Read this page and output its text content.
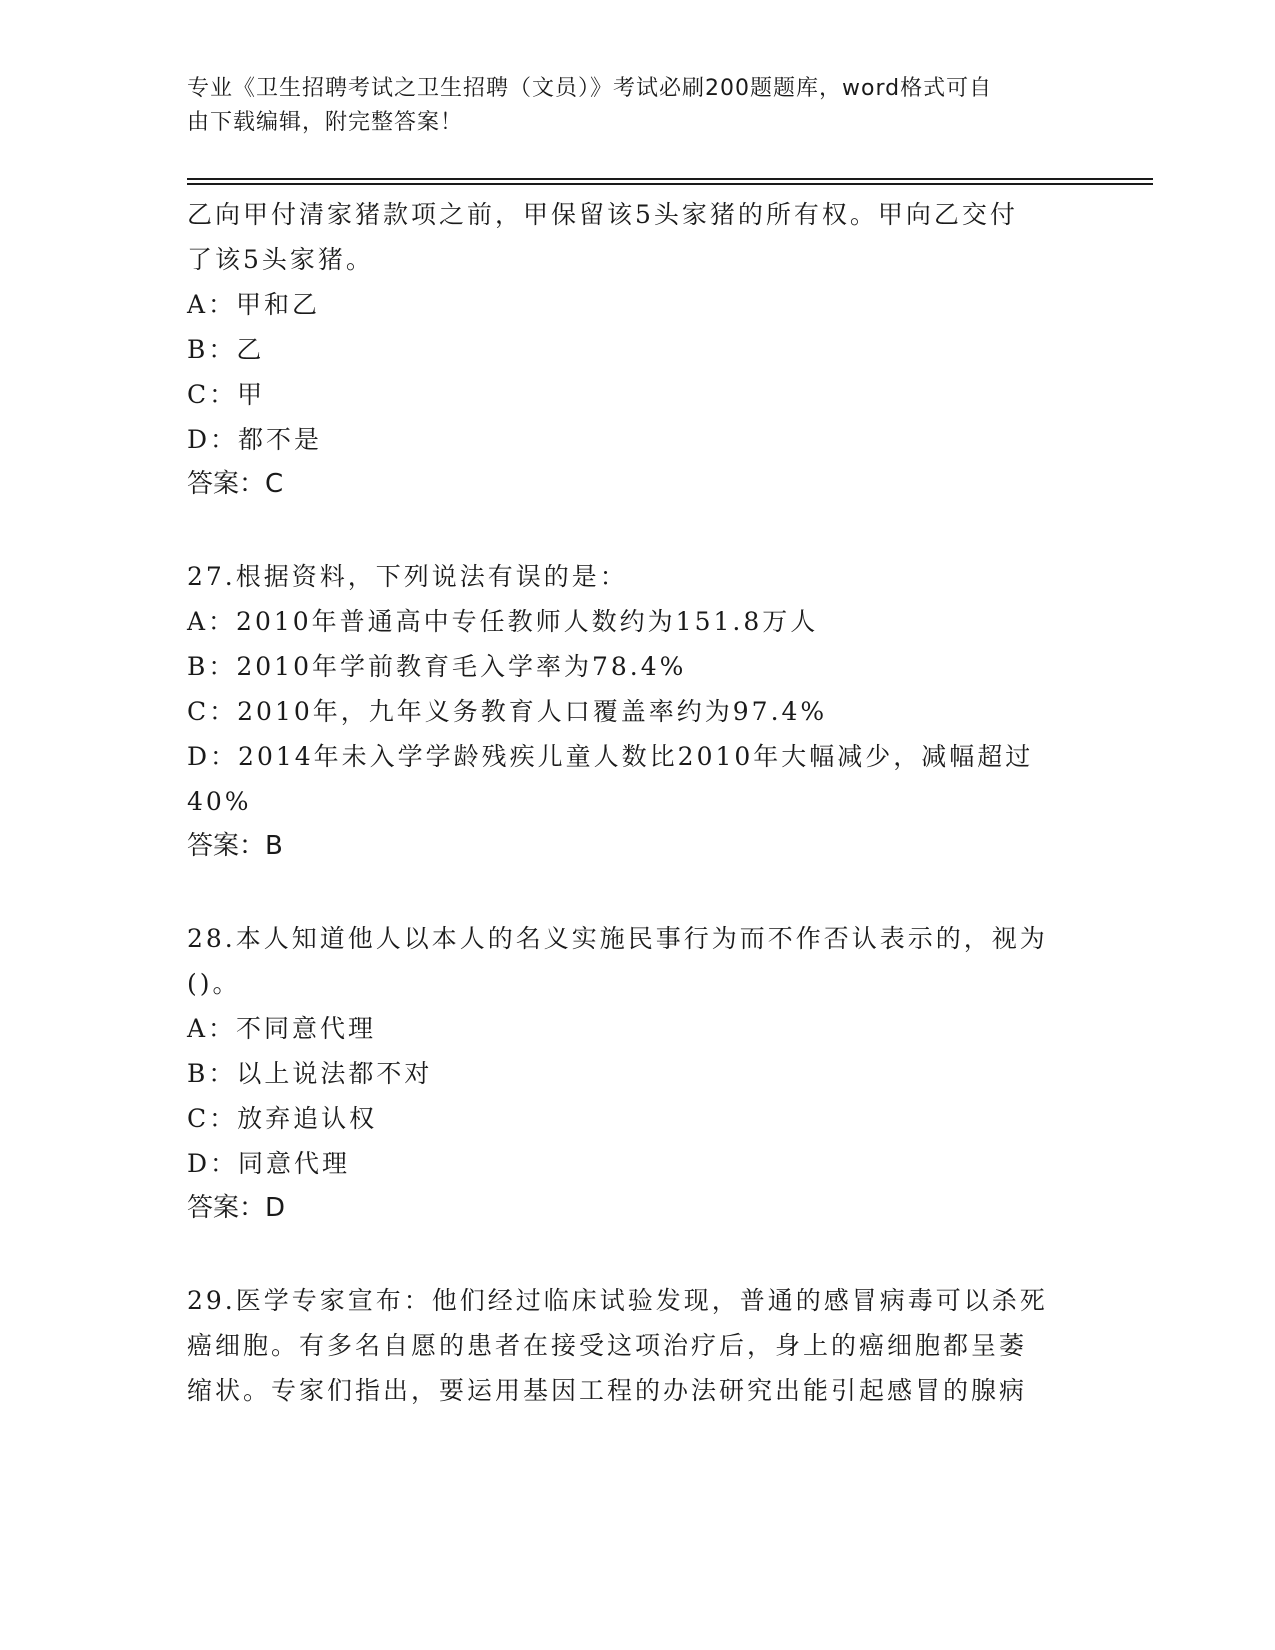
专业《卫生招聘考试之卫生招聘（文员）》考试必刷200题题库，word格式可自
由下载编辑，附完整答案！
乙向甲付清家猪款项之前，甲保留该5头家猪的所有权。甲向乙交付
了该5头家猪。
A：甲和乙
B：乙
C：甲
D：都不是
答案：C
27.根据资料，下列说法有误的是：
A：2010年普通高中专任教师人数约为151.8万人
B：2010年学前教育毛入学率为78.4%
C：2010年，九年义务教育人口覆盖率约为97.4%
D：2014年未入学学龄残疾儿童人数比2010年大幅减少，减幅超过
40%
答案：B
28.本人知道他人以本人的名义实施民事行为而不作否认表示的，视为
()。
A：不同意代理
B：以上说法都不对
C：放弃追认权
D：同意代理
答案：D
29.医学专家宣布：他们经过临床试验发现，普通的感冒病毒可以杀死
癌细胞。有多名自愿的患者在接受这项治疗后，身上的癌细胞都呈萎
缩状。专家们指出，要运用基因工程的办法研究出能引起感冒的腺病
